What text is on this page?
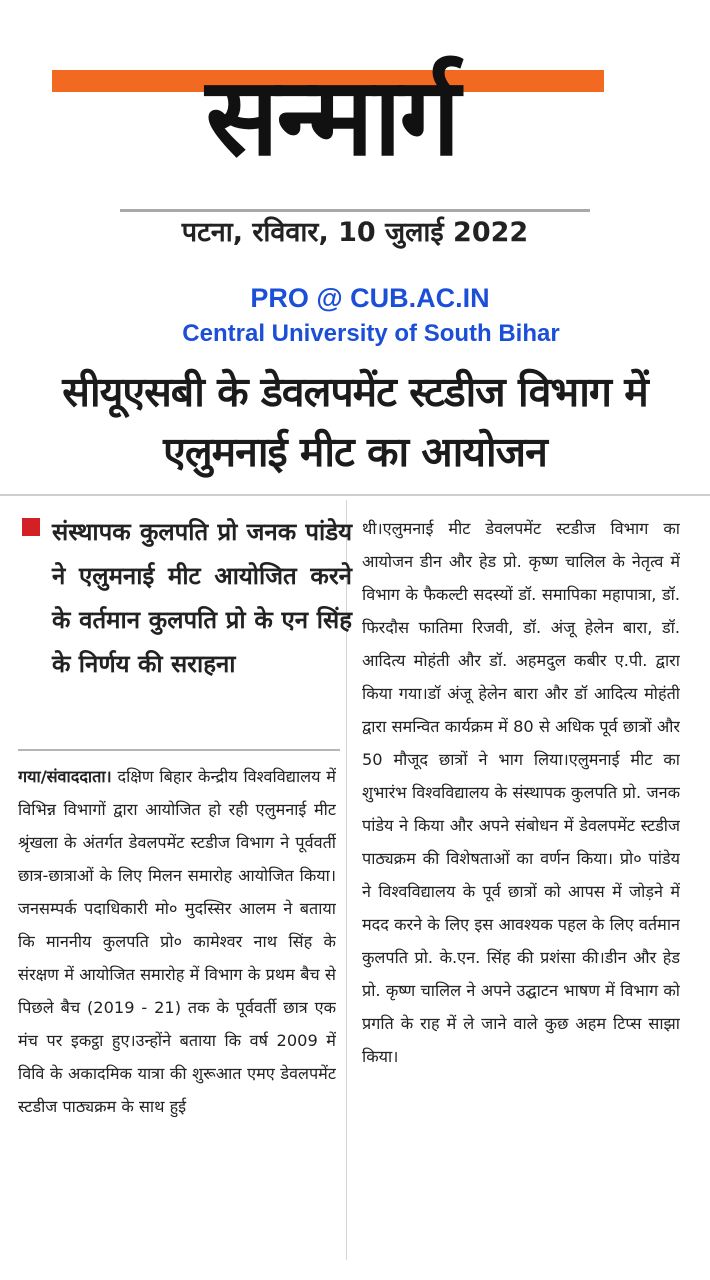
सन्मार्ग
पटना, रविवार, 10 जुलाई 2022
PRO @ CUB.AC.IN
Central University of South Bihar
सीयूएसबी के डेवलपमेंट स्टडीज विभाग में एलुमनाई मीट का आयोजन
संस्थापक कुलपति प्रो जनक पांडेय ने एलुमनाई मीट आयोजित करने के वर्तमान कुलपति प्रो के एन सिंह के निर्णय की सराहना
गया/संवाददाता। दक्षिण बिहार केन्द्रीय विश्वविद्यालय में विभिन्न विभागों द्वारा आयोजित हो रही एलुमनाई मीट श्रृंखला के अंतर्गत डेवलपमेंट स्टडीज विभाग ने पूर्ववर्ती छात्र-छात्राओं के लिए मिलन समारोह आयोजित किया। जनसम्पर्क पदाधिकारी मो० मुदस्सिर आलम ने बताया कि माननीय कुलपति प्रो० कामेश्वर नाथ सिंह के संरक्षण में आयोजित समारोह में विभाग के प्रथम बैच से पिछले बैच (2019 - 21) तक के पूर्ववर्ती छात्र एक मंच पर इकट्ठा हुए।उन्होंने बताया कि वर्ष 2009 में विवि के अकादमिक यात्रा की शुरूआत एमए डेवलपमेंट स्टडीज पाठ्यक्रम के साथ हुई
थी।एलुमनाई मीट डेवलपमेंट स्टडीज विभाग का आयोजन डीन और हेड प्रो. कृष्ण चालिल के नेतृत्व में विभाग के फैकल्टी सदस्यों डॉ. समापिका महापात्रा, डॉ. फिरदौस फातिमा रिजवी, डॉ. अंजू हेलेन बारा, डॉ. आदित्य मोहंती और डॉ. अहमदुल कबीर ए.पी. द्वारा किया गया।डॉ अंजू हेलेन बारा और डॉ आदित्य मोहंती द्वारा समन्वित कार्यक्रम में 80 से अधिक पूर्व छात्रों और 50 मौजूद छात्रों ने भाग लिया।एलुमनाई मीट का शुभारंभ विश्वविद्यालय के संस्थापक कुलपति प्रो. जनक पांडेय ने किया और अपने संबोधन में डेवलपमेंट स्टडीज पाठ्यक्रम की विशेषताओं का वर्णन किया। प्रो० पांडेय ने विश्वविद्यालय के पूर्व छात्रों को आपस में जोड़ने में मदद करने के लिए इस आवश्यक पहल के लिए वर्तमान कुलपति प्रो. के.एन. सिंह की प्रशंसा की।डीन और हेड प्रो. कृष्ण चालिल ने अपने उद्घाटन भाषण में विभाग को प्रगति के राह में ले जाने वाले कुछ अहम टिप्स साझा किया।
